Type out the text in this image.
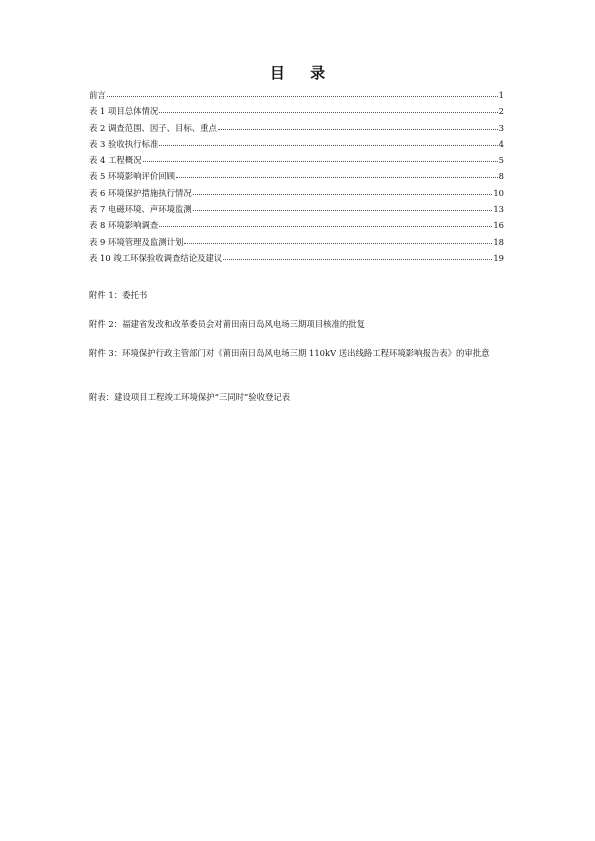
目 录
前言	1
表 1 项目总体情况	2
表 2 调查范围、因子、目标、重点	3
表 3 验收执行标准	4
表 4 工程概况	5
表 5 环境影响评价回顾	8
表 6 环境保护措施执行情况	10
表 7 电磁环境、声环境监测	13
表 8 环境影响调查	16
表 9 环境管理及监测计划	18
表 10 竣工环保验收调查结论及建议	19
附件 1：委托书
附件 2：福建省发改和改革委员会对莆田南日岛风电场三期项目核准的批复
附件 3：环境保护行政主管部门对《莆田南日岛风电场三期 110kV 送出线路工程环境影响报告表》的审批意
附表：建设项目工程竣工环境保护“三同时”验收登记表
